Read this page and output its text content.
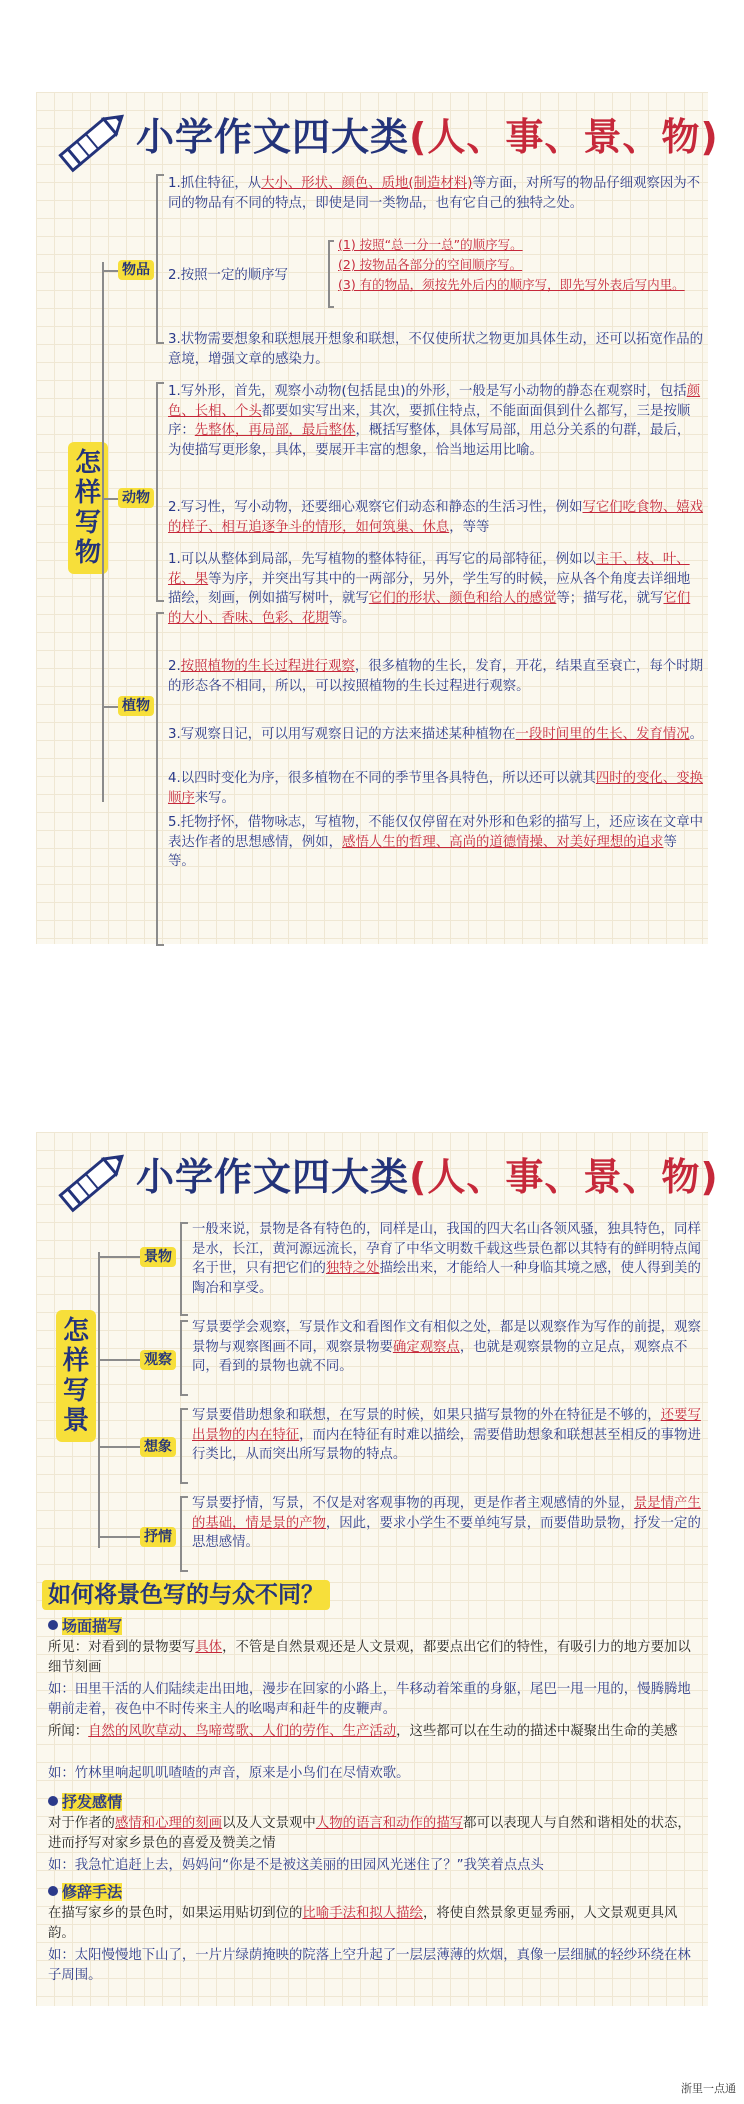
小学作文四大类(人、事、景、物)
怎样写物
物品
动物
植物
1.抓住特征，从大小、形状、颜色、质地(制造材料)等方面，对所写的物品仔细观察因为不同的物品有不同的特点，即使是同一类物品，也有它自己的独特之处。
2.按照一定的顺序写
(1) 按照“总一分一总”的顺序写。
(2) 按物品各部分的空间顺序写。
(3) 有的物品，须按先外后内的顺序写，即先写外表后写内里。
3.状物需要想象和联想展开想象和联想，不仅使所状之物更加具体生动，还可以拓宽作品的意境，增强文章的感染力。
1.写外形，首先，观察小动物(包括昆虫)的外形，一般是写小动物的静态在观察时，包括颜色、长相、个头都要如实写出来，其次，要抓住特点，不能面面俱到什么都写，三是按顺序：先整体，再局部，最后整体，概括写整体，具体写局部，用总分关系的句群，最后，为使描写更形象，具体，要展开丰富的想象，恰当地运用比喻。
2.写习性，写小动物，还要细心观察它们动态和静态的生活习性，例如写它们吃食物、嬉戏的样子、相互追逐争斗的情形，如何筑巢、休息，等等
1.可以从整体到局部，先写植物的整体特征，再写它的局部特征，例如以主干、枝、叶、花、果等为序，并突出写其中的一两部分，另外，学生写的时候，应从各个角度去详细地描绘，刻画，例如描写树叶，就写它们的形状、颜色和给人的感觉等；描写花，就写它们的大小、香味、色彩、花期等。
2.按照植物的生长过程进行观察，很多植物的生长，发育，开花，结果直至衰亡，每个时期的形态各不相同，所以，可以按照植物的生长过程进行观察。
3.写观察日记，可以用写观察日记的方法来描述某种植物在一段时间里的生长、发育情况。
4.以四时变化为序，很多植物在不同的季节里各具特色，所以还可以就其四时的变化、变换顺序来写。
5.托物抒怀，借物咏志，写植物，不能仅仅停留在对外形和色彩的描写上，还应该在文章中表达作者的思想感情，例如，感悟人生的哲理、高尚的道德情操、对美好理想的追求等等。
小学作文四大类(人、事、景、物)
怎样写景
景物
观察
想象
抒情
一般来说，景物是各有特色的，同样是山，我国的四大名山各领风骚，独具特色，同样是水，长江，黄河源远流长，孕育了中华文明数千载这些景色都以其特有的鲜明特点闻名于世，只有把它们的独特之处描绘出来，才能给人一种身临其境之感，使人得到美的陶冶和享受。
写景要学会观察，写景作文和看图作文有相似之处，都是以观察作为写作的前提，观察景物与观察图画不同，观察景物要确定观察点，也就是观察景物的立足点，观察点不同，看到的景物也就不同。
写景要借助想象和联想，在写景的时候，如果只描写景物的外在特征是不够的，还要写出景物的内在特征，而内在特征有时难以描绘，需要借助想象和联想甚至相反的事物进行类比，从而突出所写景物的特点。
写景要抒情，写景，不仅是对客观事物的再现，更是作者主观感情的外显，景是情产生的基础，情是景的产物，因此，要求小学生不要单纯写景，而要借助景物，抒发一定的思想感情。
如何将景色写的与众不同？
场面描写
所见：对看到的景物要写具体，不管是自然景观还是人文景观，都要点出它们的特性，有吸引力的地方要加以细节刻画
如：田里干活的人们陆续走出田地，漫步在回家的小路上，牛移动着笨重的身躯，尾巴一甩一甩的，慢腾腾地朝前走着，夜色中不时传来主人的吆喝声和赶牛的皮鞭声。
所闻：自然的风吹草动、鸟啼莺歌、人们的劳作、生产活动，这些都可以在生动的描述中凝聚出生命的美感
如：竹林里响起叽叽喳喳的声音，原来是小鸟们在尽情欢歌。
抒发感情
对于作者的感情和心理的刻画以及人文景观中人物的语言和动作的描写都可以表现人与自然和谐相处的状态，进而抒写对家乡景色的喜爱及赞美之情
如：我急忙追赶上去，妈妈问“你是不是被这美丽的田园风光迷住了？”我笑着点点头
修辞手法
在描写家乡的景色时，如果运用贴切到位的比喻手法和拟人描绘，将使自然景象更显秀丽，人文景观更具风韵。
如：太阳慢慢地下山了，一片片绿荫掩映的院落上空升起了一层层薄薄的炊烟，真像一层细腻的轻纱环绕在林子周围。
浙里一点通
